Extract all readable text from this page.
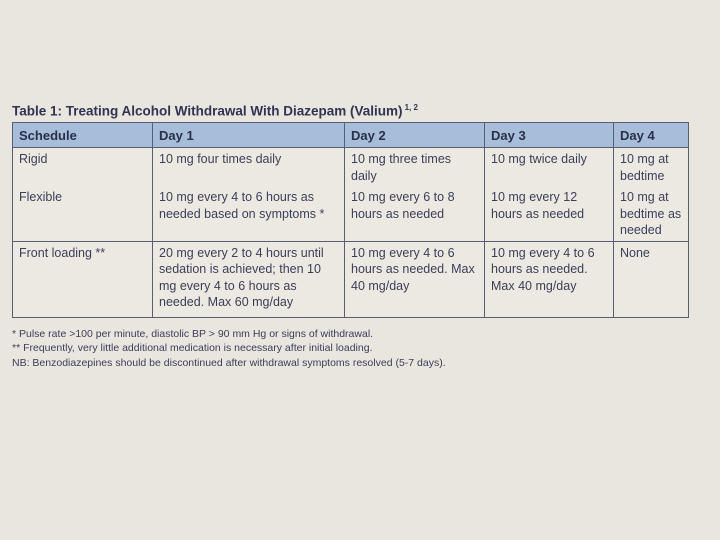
Table 1: Treating Alcohol Withdrawal With Diazepam (Valium) $^{1, 2}$
Schedule	Day 1	Day 2	Day 3	Day 4
Rigid	10 mg four times daily	10 mg three times daily	10 mg twice daily	10 mg at bedtime
Flexible	10 mg every 4 to 6 hours as needed based on symptoms *	10 mg every 6 to 8 hours as needed	10 mg every 12 hours as needed	10 mg at bedtime as needed
Front loading **	20 mg every 2 to 4 hours until sedation is achieved; then 10 mg every 4 to 6 hours as needed. Max 60 mg/day	10 mg every 4 to 6 hours as needed. Max 40 mg/day	10 mg every 4 to 6 hours as needed. Max 40 mg/day	None
* Pulse rate >100 per minute, diastolic BP > 90 mm Hg or signs of withdrawal.
** Frequently, very little additional medication is necessary after initial loading.
NB: Benzodiazepines should be discontinued after withdrawal symptoms resolved (5-7 days).
